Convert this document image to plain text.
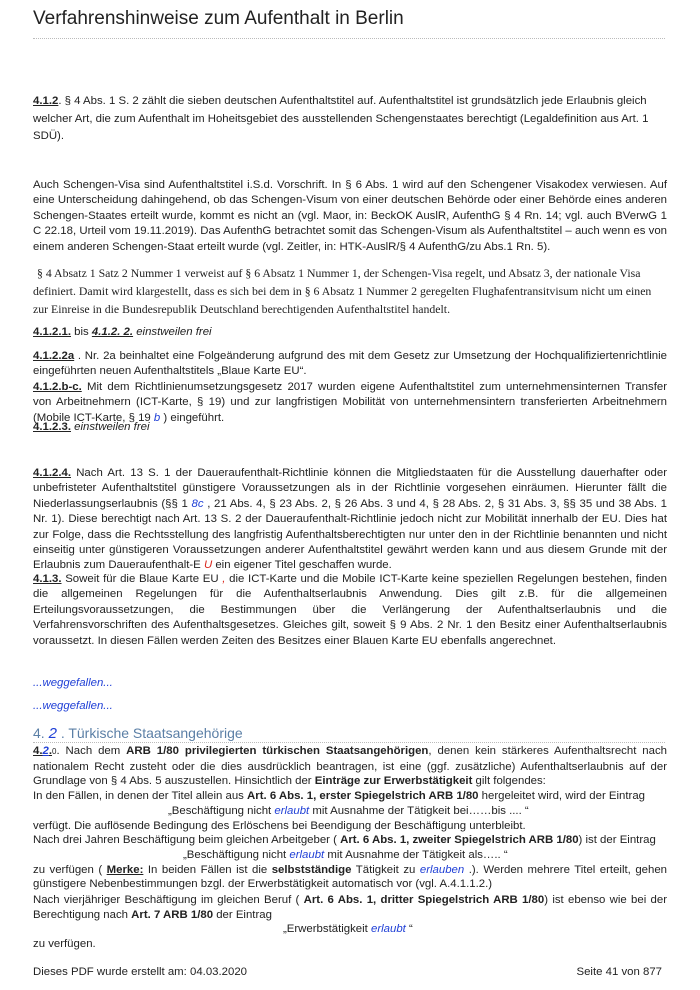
Verfahrenshinweise zum Aufenthalt in Berlin
4.1.2. § 4 Abs. 1 S. 2 zählt die sieben deutschen Aufenthaltstitel auf. Aufenthaltstitel ist grundsätzlich jede Erlaubnis gleich welcher Art, die zum Aufenthalt im Hoheitsgebiet des ausstellenden Schengenstaates berechtigt (Legaldefinition aus Art. 1 SDÜ).
Auch Schengen-Visa sind Aufenthaltstitel i.S.d. Vorschrift. In § 6 Abs. 1 wird auf den Schengener Visakodex verwiesen. Auf eine Unterscheidung dahingehend, ob das Schengen-Visum von einer deutschen Behörde oder einer Behörde eines anderen Schengen-Staates erteilt wurde, kommt es nicht an (vgl. Maor, in: BeckOK AuslR, AufenthG § 4 Rn. 14; vgl. auch BVerwG 1 C 22.18, Urteil vom 19.11.2019). Das AufenthG betrachtet somit das Schengen-Visum als Aufenthaltstitel – auch wenn es von einem anderen Schengen-Staat erteilt wurde (vgl. Zeitler, in: HTK-AuslR/§ 4 AufenthG/zu Abs.1 Rn. 5).
§ 4 Absatz 1 Satz 2 Nummer 1 verweist auf § 6 Absatz 1 Nummer 1, der Schengen-Visa regelt, und Absatz 3, der nationale Visa definiert. Damit wird klargestellt, dass es sich bei dem in § 6 Absatz 1 Nummer 2 geregelten Flughafentransitvisum nicht um einen zur Einreise in die Bundesrepublik Deutschland berechtigenden Aufenthaltstitel handelt.
4.1.2.1. bis 4.1.2. 2. einstweilen frei
4.1.2.2a . Nr. 2a beinhaltet eine Folgeänderung aufgrund des mit dem Gesetz zur Umsetzung der Hochqualifiziertenrichtlinie eingeführten neuen Aufenthaltstitels „Blaue Karte EU“.
4.1.2.b-c. Mit dem Richtlinienumsetzungsgesetz 2017 wurden eigene Aufenthaltstitel zum unternehmensinternen Transfer von Arbeitnehmern (ICT-Karte, § 19) und zur langfristigen Mobilität von unternehmensintern transferierten Arbeitnehmern (Mobile ICT-Karte, § 19 b ) eingeführt.
4.1.2.3. einstweilen frei
4.1.2.4. Nach Art. 13 S. 1 der Daueraufenthalt-Richtlinie können die Mitgliedstaaten für die Ausstellung dauerhafter oder unbefristeter Aufenthaltstitel günstigere Voraussetzungen als in der Richtlinie vorgesehen einräumen. Hierunter fällt die Niederlassungserlaubnis (§§ 1 8c , 21 Abs. 4, § 23 Abs. 2, § 26 Abs. 3 und 4, § 28 Abs. 2, § 31 Abs. 3, §§ 35 und 38 Abs. 1 Nr. 1). Diese berechtigt nach Art. 13 S. 2 der Daueraufenthalt-Richtlinie jedoch nicht zur Mobilität innerhalb der EU. Dies hat zur Folge, dass die Rechtsstellung des langfristig Aufenthaltsberechtigten nur unter den in der Richtlinie benannten und nicht einseitig unter günstigeren Voraussetzungen anderer Aufenthaltstitel gewährt werden kann und aus diesem Grunde mit der Erlaubnis zum Daueraufenthalt-E U ein eigener Titel geschaffen wurde.
4.1.3. Soweit für die Blaue Karte EU , die ICT-Karte und die Mobile ICT-Karte keine speziellen Regelungen bestehen, finden die allgemeinen Regelungen für die Aufenthaltserlaubnis Anwendung. Dies gilt z.B. für die allgemeinen Erteilungsvoraussetzungen, die Bestimmungen über die Verlängerung der Aufenthaltserlaubnis und die Verfahrensvorschriften des Aufenthaltsgesetzes. Gleiches gilt, soweit § 9 Abs. 2 Nr. 1 den Besitz einer Aufenthaltserlaubnis voraussetzt. In diesen Fällen werden Zeiten des Besitzes einer Blauen Karte EU ebenfalls angerechnet.
...weggefallen...
...weggefallen...
4. 2 . Türkische Staatsangehörige
4.2.0. Nach dem ARB 1/80 privilegierten türkischen Staatsangehörigen, denen kein stärkeres Aufenthaltsrecht nach nationalem Recht zusteht oder die dies ausdrücklich beantragen, ist eine (ggf. zusätzliche) Aufenthaltserlaubnis auf der Grundlage von § 4 Abs. 5 auszustellen. Hinsichtlich der Einträge zur Erwerbstätigkeit gilt folgendes:
In den Fällen, in denen der Titel allein aus Art. 6 Abs. 1, erster Spiegelstrich ARB 1/80 hergeleitet wird, wird der Eintrag

„Beschäftigung nicht erlaubt mit Ausnahme der Tätigkeit bei……bis .... “
verfügt. Die auflösende Bedingung des Erlöschens bei Beendigung der Beschäftigung unterbleibt.
Nach drei Jahren Beschäftigung beim gleichen Arbeitgeber ( Art. 6 Abs. 1, zweiter Spiegelstrich ARB 1/80) ist der Eintrag

„Beschäftigung nicht erlaubt mit Ausnahme der Tätigkeit als….. “
zu verfügen ( Merke: In beiden Fällen ist die selbstständige Tätigkeit zu erlauben .). Werden mehrere Titel erteilt, gehen günstigere Nebenbestimmungen bzgl. der Erwerbstätigkeit automatisch vor (vgl. A.4.1.1.2.)
Nach vierjähriger Beschäftigung im gleichen Beruf ( Art. 6 Abs. 1, dritter Spiegelstrich ARB 1/80) ist ebenso wie bei der Berechtigung nach Art. 7 ARB 1/80 der Eintrag

„Erwerbstätigkeit erlaubt “
zu verfügen.
Dieses PDF wurde erstellt am: 04.03.2020	Seite 41 von 877
